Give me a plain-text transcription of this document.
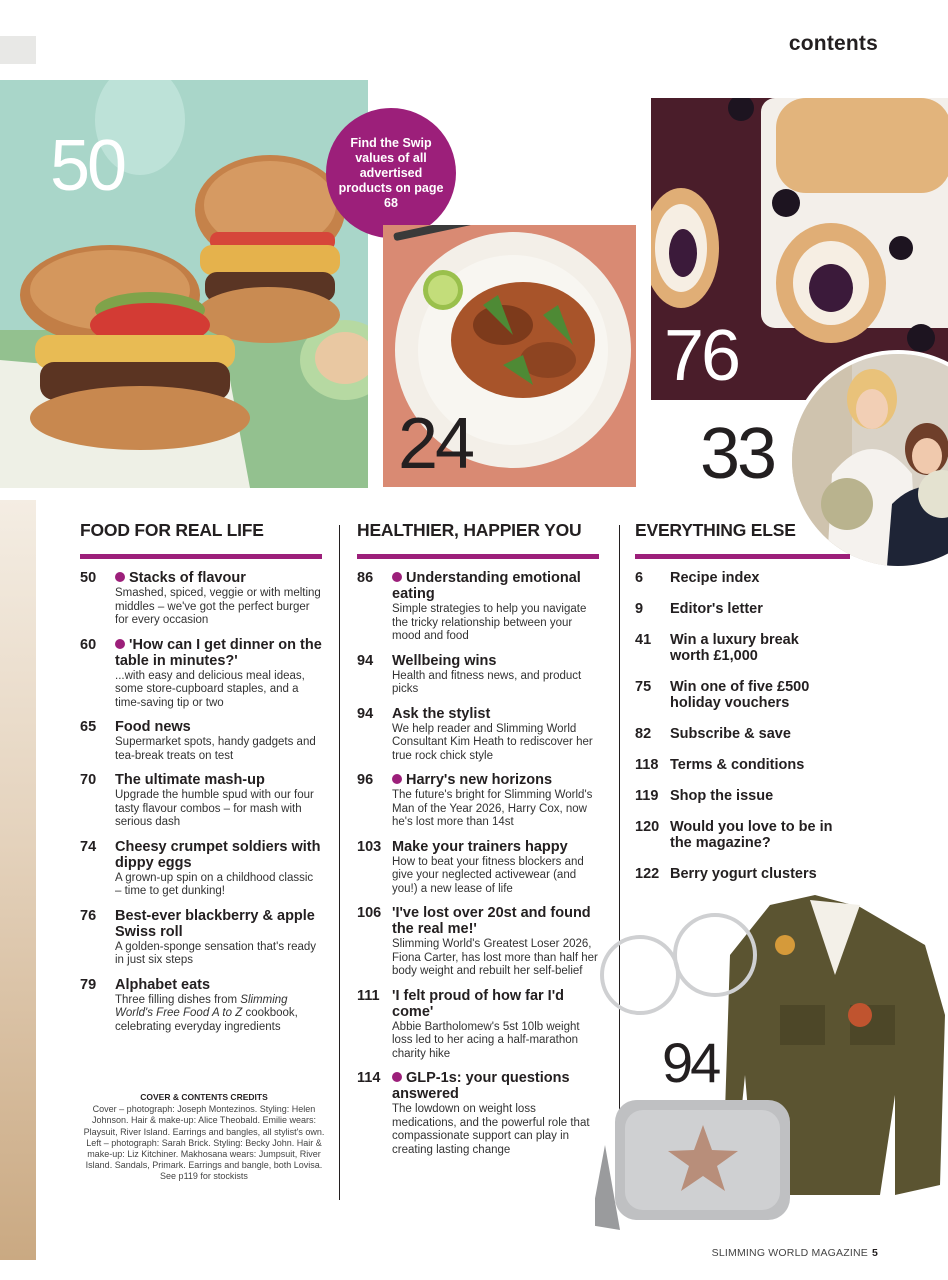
contents
50	Find the Swip values of all advertised products on page 68
24
76
33
FOOD FOR REAL LIFE
50	Stacks of flavour
Smashed, spiced, veggie or with melting middles – we've got the perfect burger for every occasion
60	'How can I get dinner on the table in minutes?'
...with easy and delicious meal ideas, some store-cupboard staples, and a time-saving tip or two
65	Food news
Supermarket spots, handy gadgets and tea-break treats on test
70	The ultimate mash-up
Upgrade the humble spud with our four tasty flavour combos – for mash with serious dash
74	Cheesy crumpet soldiers with dippy eggs
A grown-up spin on a childhood classic – time to get dunking!
76	Best-ever blackberry & apple Swiss roll
A golden-sponge sensation that's ready in just six steps
79	Alphabet eats
Three filling dishes from Slimming World's Free Food A to Z cookbook, celebrating everyday ingredients
COVER & CONTENTS CREDITS
Cover – photograph: Joseph Montezinos. Styling: Helen Johnson. Hair & make-up: Alice Theobald. Emilie wears: Playsuit, River Island. Earrings and bangles, all stylist's own. Left – photograph: Sarah Brick. Styling: Becky John. Hair & make-up: Liz Kitchiner. Makhosana wears: Jumpsuit, River Island. Sandals, Primark. Earrings and bangle, both Lovisa. See p119 for stockists
HEALTHIER, HAPPIER YOU
86	Understanding emotional eating
Simple strategies to help you navigate the tricky relationship between your mood and food
94	Wellbeing wins
Health and fitness news, and product picks
94	Ask the stylist
We help reader and Slimming World Consultant Kim Heath to rediscover her true rock chick style
96	Harry's new horizons
The future's bright for Slimming World's Man of the Year 2026, Harry Cox, now he's lost more than 14st
103 Make your trainers happy
How to beat your fitness blockers and give your neglected activewear (and you!) a new lease of life
106 'I've lost over 20st and found the real me!'
Slimming World's Greatest Loser 2026, Fiona Carter, has lost more than half her body weight and rebuilt her self-belief
111 'I felt proud of how far I'd come'
Abbie Bartholomew's 5st 10lb weight loss led to her acing a half-marathon charity hike
114	GLP-1s: your questions answered
The lowdown on weight loss medications, and the powerful role that compassionate support can play in creating lasting change
EVERYTHING ELSE
6	Recipe index
9	Editor's letter
41	Win a luxury break worth £1,000
75	Win one of five £500 holiday vouchers
82	Subscribe & save
118 Terms & conditions
119 Shop the issue
120 Would you love to be in the magazine?
122 Berry yogurt clusters
94
SLIMMING WORLD MAGAZINE 5
